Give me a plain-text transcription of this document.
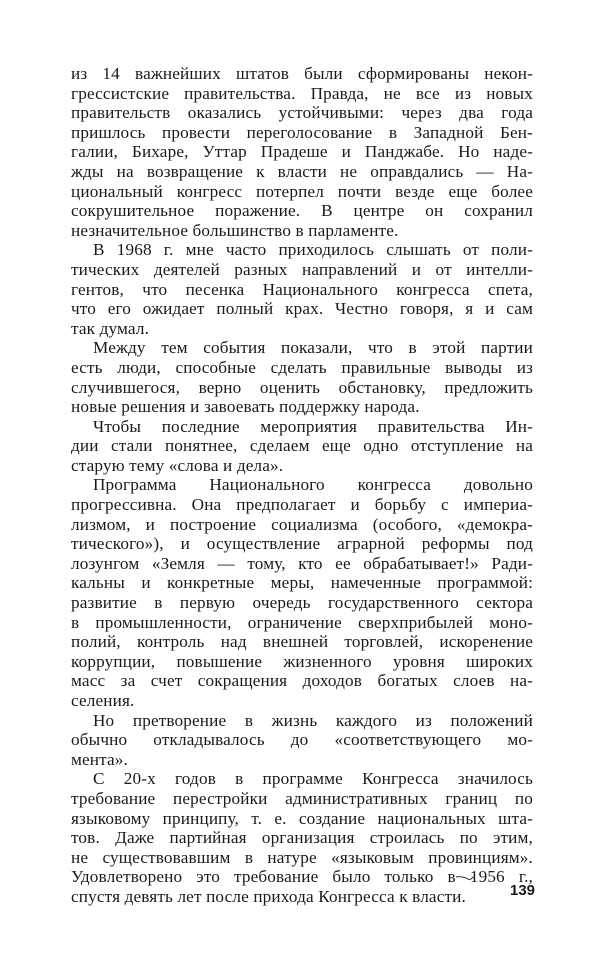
из 14 важнейших штатов были сформированы некон-
грессистские правительства. Правда, не все из новых
правительств оказались устойчивыми: через два года
пришлось провести переголосование в Западной Бен-
галии, Бихаре, Уттар Прадеше и Панджабе. Но наде-
жды на возвращение к власти не оправдались — На-
циональный конгресс потерпел почти везде еще более
сокрушительное поражение. В центре он сохранил
незначительное большинство в парламенте.
В 1968 г. мне часто приходилось слышать от поли-
тических деятелей разных направлений и от интелли-
гентов, что песенка Национального конгресса спета,
что его ожидает полный крах. Честно говоря, я и сам
так думал.
Между тем события показали, что в этой партии
есть люди, способные сделать правильные выводы из
случившегося, верно оценить обстановку, предложить
новые решения и завоевать поддержку народа.
Чтобы последние мероприятия правительства Ин-
дии стали понятнее, сделаем еще одно отступление на
старую тему «слова и дела».
Программа Национального конгресса довольно
прогрессивна. Она предполагает и борьбу с империа-
лизмом, и построение социализма (особого, «демокра-
тического»), и осуществление аграрной реформы под
лозунгом «Земля — тому, кто ее обрабатывает!» Ради-
кальны и конкретные меры, намеченные программой:
развитие в первую очередь государственного сектора
в промышленности, ограничение сверхприбылей моно-
полий, контроль над внешней торговлей, искоренение
коррупции, повышение жизненного уровня широких
масс за счет сокращения доходов богатых слоев на-
селения.
Но претворение в жизнь каждого из положений
обычно откладывалось до «соответствующего мо-
мента».
С 20-х годов в программе Конгресса значилось
требование перестройки административных границ по
языковому принципу, т. е. создание национальных шта-
тов. Даже партийная организация строилась по этим,
не существовавшим в натуре «языковым провинциям».
Удовлетворено это требование было только в 1956 г.,
спустя девять лет после прихода Конгресса к власти.	139
